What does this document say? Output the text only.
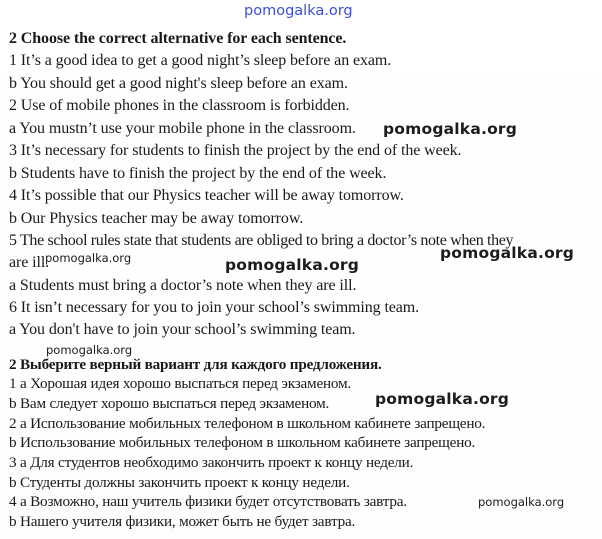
pomogalka.org
2 Choose the correct alternative for each sentence.
1 It’s a good idea to get a good night’s sleep before an exam.
b You should get a good night's sleep before an exam.
2 Use of mobile phones in the classroom is forbidden.
a You mustn’t use your mobile phone in the classroom.
3 It’s necessary for students to finish the project by the end of the week.
b Students have to finish the project by the end of the week.
4 It’s possible that our Physics teacher will be away tomorrow.
b Our Physics teacher may be away tomorrow.
5 The school rules state that students are obliged to bring a doctor’s note when they
are ill.
a Students must bring a doctor’s note when they are ill.
6 It isn’t necessary for you to join your school’s swimming team.
a You don't have to join your school’s swimming team.
2 Выберите верный вариант для каждого предложения.
1 а Хорошая идея хорошо выспаться перед экзаменом.
b Вам следует хорошо выспаться перед экзаменом.
2 а Использование мобильных телефоном в школьном кабинете запрещено.
b Использование мобильных телефоном в школьном кабинете запрещено.
3 а Для студентов необходимо закончить проект к концу недели.
b Студенты должны закончить проект к концу недели.
4 а Возможно, наш учитель физики будет отсутствовать завтра.
b Нашего учителя физики, может быть не будет завтра.
pomogalka.org
pomogalka.org	pomogalka.org
pomogalka.org
pomogalka.org
pomogalka.org
pomogalka.org
